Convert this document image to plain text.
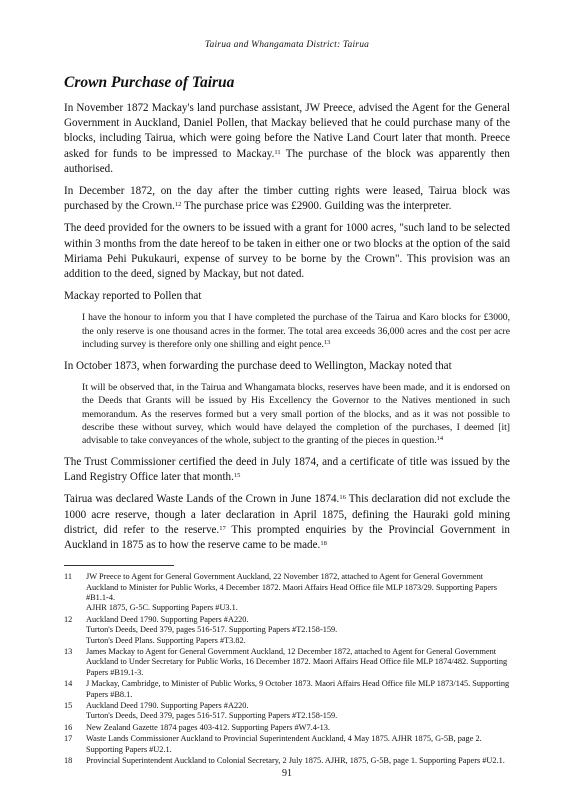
Tairua and Whangamata District: Tairua
Crown Purchase of Tairua

In November 1872 Mackay's land purchase assistant, JW Preece, advised the Agent for the General Government in Auckland, Daniel Pollen, that Mackay believed that he could purchase many of the blocks, including Tairua, which were going before the Native Land Court later that month. Preece asked for funds to be impressed to Mackay.$^{11}$ The purchase of the block was apparently then authorised.

In December 1872, on the day after the timber cutting rights were leased, Tairua block was purchased by the Crown.$^{12}$ The purchase price was £2900. Guilding was the interpreter.

The deed provided for the owners to be issued with a grant for 1000 acres, "such land to be selected within 3 months from the date hereof to be taken in either one or two blocks at the option of the said Miriama Pehi Pukukauri, expense of survey to be borne by the Crown". This provision was an addition to the deed, signed by Mackay, but not dated.

Mackay reported to Pollen that

I have the honour to inform you that I have completed the purchase of the Tairua and Karo blocks for £3000, the only reserve is one thousand acres in the former. The total area exceeds 36,000 acres and the cost per acre including survey is therefore only one shilling and eight pence.$^{13}$

In October 1873, when forwarding the purchase deed to Wellington, Mackay noted that

It will be observed that, in the Tairua and Whangamata blocks, reserves have been made, and it is endorsed on the Deeds that Grants will be issued by His Excellency the Governor to the Natives mentioned in such memorandum. As the reserves formed but a very small portion of the blocks, and as it was not possible to describe these without survey, which would have delayed the completion of the purchases, I deemed [it] advisable to take conveyances of the whole, subject to the granting of the pieces in question.$^{14}$

The Trust Commissioner certified the deed in July 1874, and a certificate of title was issued by the Land Registry Office later that month.$^{15}$

Tairua was declared Waste Lands of the Crown in June 1874.16 This declaration did not exclude the 1000 acre reserve, though a later declaration in April 1875, defining the Hauraki gold mining district, did refer to the reserve.$^{17}$ This prompted enquiries by the Provincial Government in Auckland in 1875 as to how the reserve came to be made.$^{18}$

11	JW Preece to Agent for General Government Auckland, 22 November 1872, attached to Agent for General Government Auckland to Minister for Public Works, 4 December 1872. Maori Affairs Head Office file MLP 1873/29. Supporting Papers #B1.1-4.
AJHR 1875, G-5C. Supporting Papers #U3.1.
12	Auckland Deed 1790. Supporting Papers #A220.
Turton's Deeds, Deed 379, pages 516-517. Supporting Papers #T2.158-159.
Turton's Deed Plans. Supporting Papers #T3.82.
13	James Mackay to Agent for General Government Auckland, 12 December 1872, attached to Agent for General Government Auckland to Under Secretary for Public Works, 16 December 1872. Maori Affairs Head Office file MLP 1874/482. Supporting Papers #B19.1-3.
14	J Mackay, Cambridge, to Minister of Public Works, 9 October 1873. Maori Affairs Head Office file MLP 1873/145. Supporting Papers #B8.1.
15	Auckland Deed 1790. Supporting Papers #A220.
Turton's Deeds, Deed 379, pages 516-517. Supporting Papers #T2.158-159.
16	New Zealand Gazette 1874 pages 403-412. Supporting Papers #W7.4-13.
17	Waste Lands Commissioner Auckland to Provincial Superintendent Auckland, 4 May 1875. AJHR 1875, G-5B, page 2. Supporting Papers #U2.1.
18	Provincial Superintendent Auckland to Colonial Secretary, 2 July 1875. AJHR, 1875, G-5B, page 1. Supporting Papers #U2.1.
91
